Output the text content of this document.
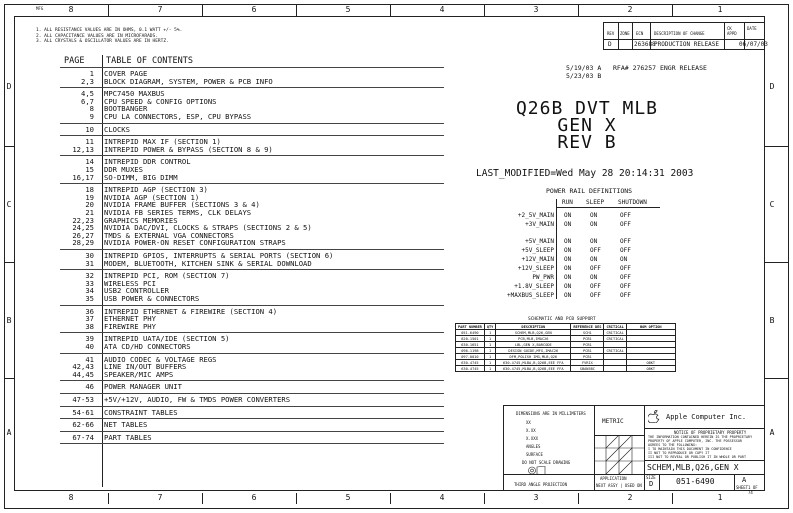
MFG	8	7	6	5	4	3	2	1
8	7	6	5	4	3	2	1
D
C
B
A
D
C
B
A
1. ALL RESISTANCE VALUES ARE IN OHMS, 0.1 WATT +/- 5%.
2. ALL CAPACITANCE VALUES ARE IN MICROFARADS.
3. ALL CRYSTALS & OSCILLATOR VALUES ARE IN HERTZ.
PAGE	TABLE OF CONTENTS
1 COVER PAGE
2,3 BLOCK DIAGRAM, SYSTEM, POWER & PCB INFO
4,5 MPC7450 MAXBUS
6,7 CPU SPEED & CONFIG OPTIONS
8 BOOTBANGER
9 CPU LA CONNECTORS, ESP, CPU BYPASS
10 CLOCKS
11 INTREPID MAX IF (SECTION 1)
12,13 INTREPID POWER & BYPASS (SECTION 8 & 9)
14 INTREPID DDR CONTROL
15 DDR MUXES
16,17 SO-DIMM, BIG DIMM
18 INTREPID AGP (SECTION 3)
19 NVIDIA AGP (SECTION 1)
20 NVIDIA FRAME BUFFER (SECTIONS 3 & 4)
21 NVIDIA FB SERIES TERMS, CLK DELAYS
22,23 GRAPHICS MEMORIES
24,25 NVIDIA DAC/DVI, CLOCKS & STRAPS (SECTIONS 2 & 5)
26,27 TMDS & EXTERNAL VGA CONNECTORS
28,29 NVIDIA POWER-ON RESET CONFIGURATION STRAPS
30 INTREPID GPIOS, INTERRUPTS & SERIAL PORTS (SECTION 6)
31 MODEM, BLUETOOTH, KITCHEN SINK & SERIAL DOWNLOAD
32 INTREPID PCI, ROM (SECTION 7)
33 WIRELESS PCI
34 USB2 CONTROLLER
35 USB POWER & CONNECTORS
36 INTREPID ETHERNET & FIREWIRE (SECTION 4)
37 ETHERNET PHY
38 FIREWIRE PHY
39 INTREPID UATA/IDE (SECTION 5)
40 ATA CD/HD CONNECTORS
41 AUDIO CODEC & VOLTAGE REGS
42,43 LINE IN/OUT BUFFERS
44,45 SPEAKER/MIC AMPS
46 POWER MANAGER UNIT
47-53 +5V/+12V, AUDIO, FW & TMDS POWER CONVERTERS
54-61 CONSTRAINT TABLES
62-66 NET TABLES
67-74 PART TABLES
REV ZONE ECN	DESCRIPTION OF CHANGE
CK APPD
DATE
D	263688
PRODUCTION RELEASE	06/07/03
5/19/03 A RFA# 276257 ENGR RELEASE
5/23/03 B
Q26B DVT MLB
GEN X
REV B
LAST_MODIFIED=Wed May 28 20:14:31 2003
POWER RAIL DEFINITIONS
RUN SLEEP SHUTDOWN
+2_5V_MAIN ON	ON	OFF
+3V_MAIN ON	ON	OFF
+5V_MAIN ON	ON	OFF
+5V_SLEEP ON	OFF	OFF
+12V_MAIN ON	ON	ON
+12V_SLEEP ON	OFF	OFF
PW_PWR ON	ON	OFF
+1.8V_SLEEP ON	OFF	OFF
+MAXBUS_SLEEP ON	OFF	OFF
SCHEMATIC AND PCB SUPPORT
PART NUMBER	QTY	DESCRIPTION	REFERENCE DES	CRITICAL	BOM OPTION
051-6490	1	SCHEM,MLB,Q26,GEN	SCH1	CRITICAL	
820-1501	1	PCB,MLB,IMAC26	PCB1	CRITICAL	
630-1651	1	LBL,GEN X,BARCODE	PCB1		
096-1198	1	DESIGN GUIDE,MFG,IMAC26	PCB1	CRITICAL	
097-0010	1	DFM,POLISH IMG,MLB,Q26	PCB1		
630-4745	1	630-4745,MLBA,B,Q26B,EEE FFA	FVRIX		OBKT
630-4745	1	630-4745,MLBA,B,Q26B,EEE FFA	SBAN5BC		OBKT
METRIC
DIMENSIONS ARE IN MILLIMETERS
XX
X.XX
X.XXX
ANGLES
SURFACE
DO NOT SCALE DRAWING
THIRD ANGLE PROJECTION
APPLICATION
NEXT ASSY | USED ON
Apple Computer Inc.
NOTICE OF PROPRIETARY PROPERTY
THE INFORMATION CONTAINED HEREIN IS THE PROPRIETARY
PROPERTY OF APPLE COMPUTER, INC. THE POSSESSOR
AGREES TO THE FOLLOWING:
I TO MAINTAIN THIS DOCUMENT IN CONFIDENCE
II NOT TO REPRODUCE OR COPY IT
III NOT TO REVEAL OR PUBLISH IT IN WHOLE OR PART
SCHEM,MLB,Q26,GEN X
SIZE
D	051-6490	A
SHEET 1 OF 74
